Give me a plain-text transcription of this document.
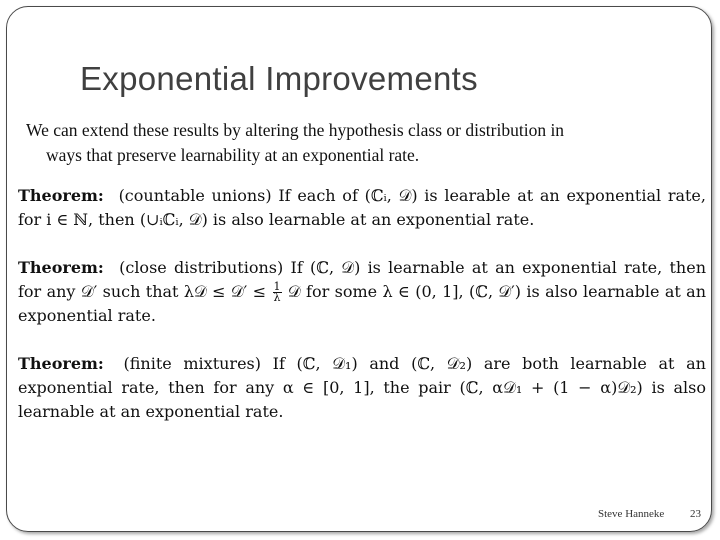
Exponential Improvements
We can extend these results by altering the hypothesis class or distribution in
ways that preserve learnability at an exponential rate.
Theorem: (countable unions) If each of (ℂᵢ, 𝒟) is learable at an exponential rate, for i ∈ ℕ, then (∪ᵢℂᵢ, 𝒟) is also learnable at an exponential rate.
Theorem: (close distributions) If (ℂ, 𝒟) is learnable at an exponential rate, then for any 𝒟′ such that λ𝒟 ≤ 𝒟′ ≤ $\frac{1}{\lambda}$ 𝒟 for some λ ∈ (0, 1], (ℂ, 𝒟′) is also learnable at an exponential rate.
Theorem: (finite mixtures) If (ℂ, 𝒟₁) and (ℂ, 𝒟₂) are both learnable at an exponential rate, then for any α ∈ [0, 1], the pair (ℂ, α𝒟₁ + (1 − α)𝒟₂) is also learnable at an exponential rate.
Steve Hanneke 23
